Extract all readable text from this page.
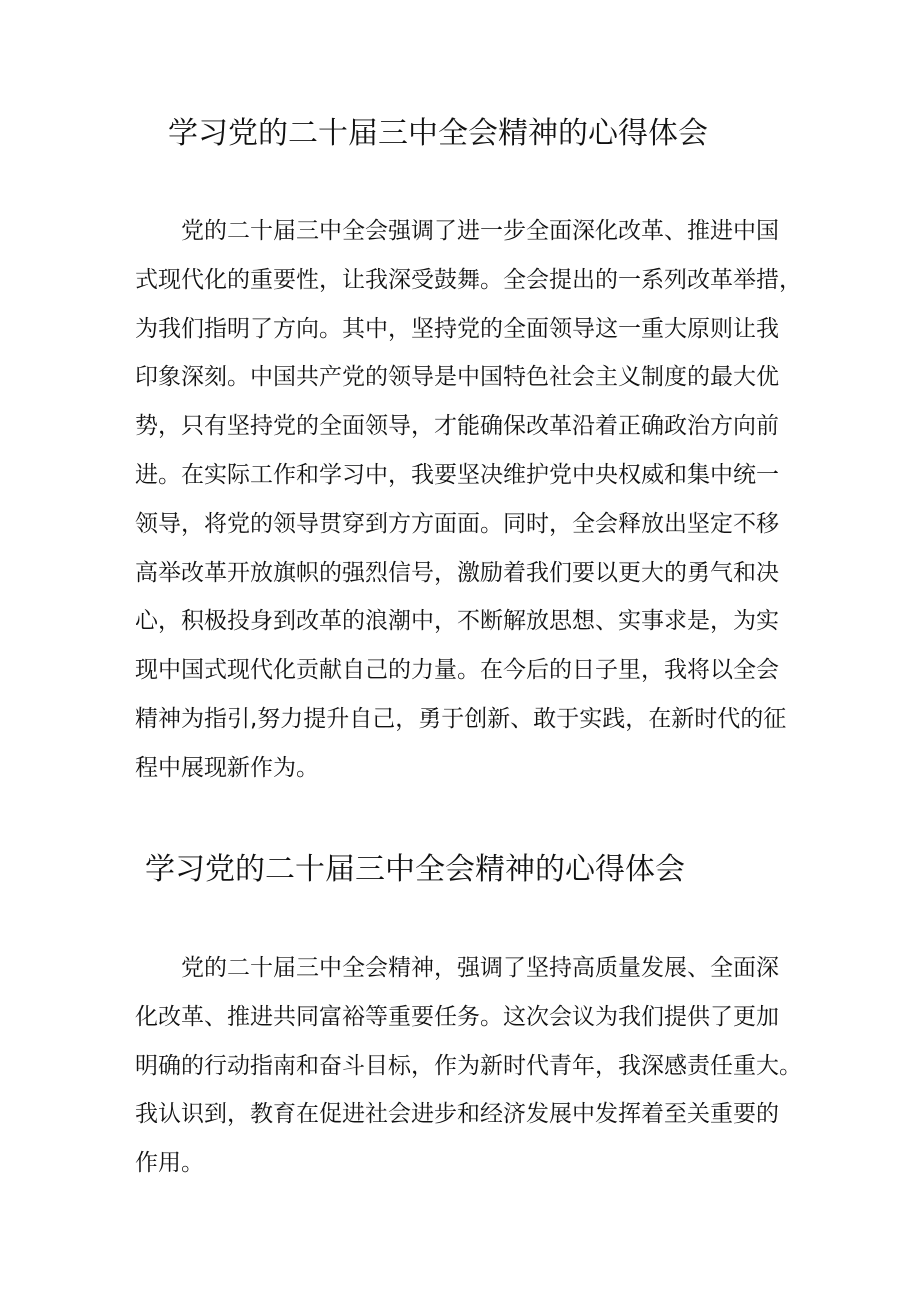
学习党的二十届三中全会精神的心得体会
　　党的二十届三中全会强调了进一步全面深化改革、推进中国
式现代化的重要性，让我深受鼓舞。全会提出的一系列改革举措，
为我们指明了方向。其中，坚持党的全面领导这一重大原则让我
印象深刻。中国共产党的领导是中国特色社会主义制度的最大优
势，只有坚持党的全面领导，才能确保改革沿着正确政治方向前
进。在实际工作和学习中，我要坚决维护党中央权威和集中统一
领导，将党的领导贯穿到方方面面。同时，全会释放出坚定不移
高举改革开放旗帜的强烈信号，激励着我们要以更大的勇气和决
心，积极投身到改革的浪潮中，不断解放思想、实事求是，为实
现中国式现代化贡献自己的力量。在今后的日子里，我将以全会
精神为指引,努力提升自己，勇于创新、敢于实践，在新时代的征
程中展现新作为。
学习党的二十届三中全会精神的心得体会
　　党的二十届三中全会精神，强调了坚持高质量发展、全面深
化改革、推进共同富裕等重要任务。这次会议为我们提供了更加
明确的行动指南和奋斗目标，作为新时代青年，我深感责任重大。
我认识到，教育在促进社会进步和经济发展中发挥着至关重要的
作用。
